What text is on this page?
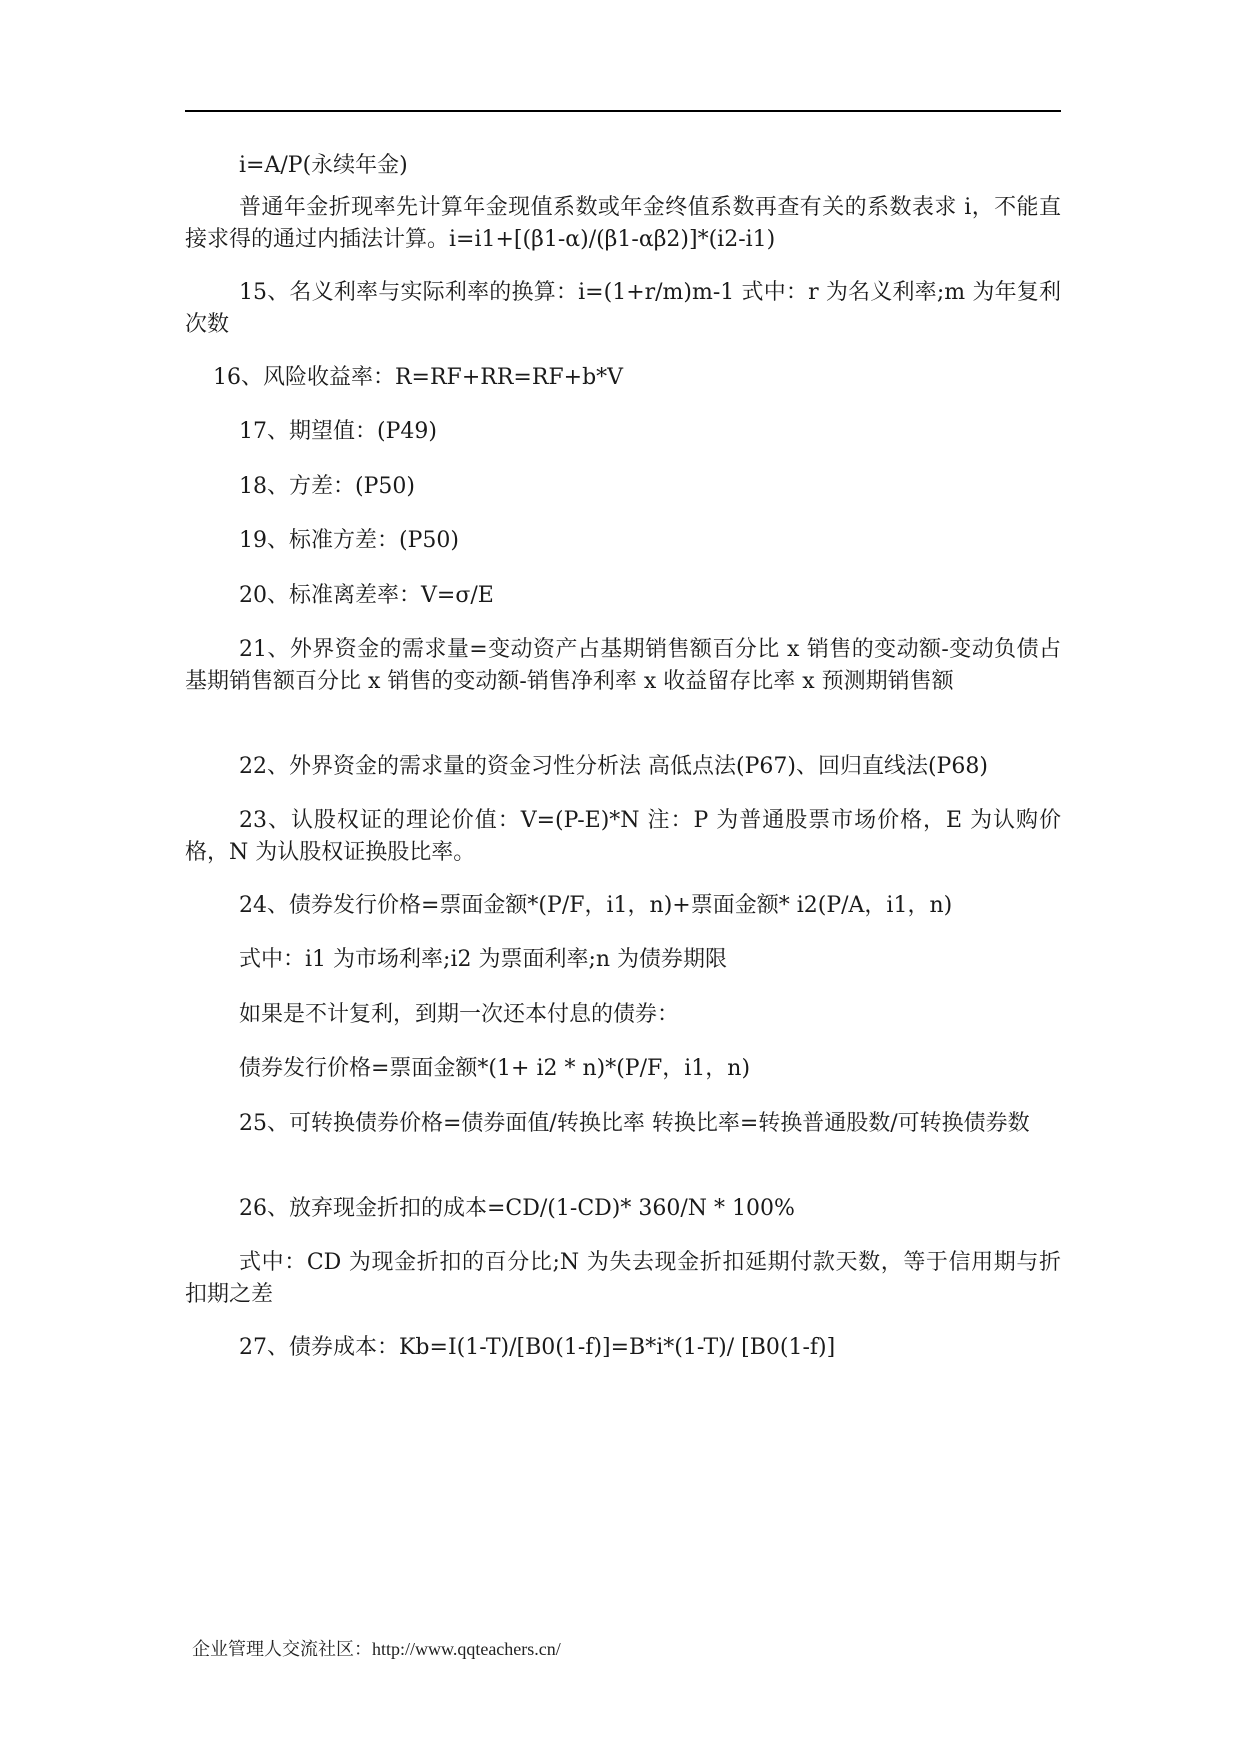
i=A/P(永续年金)

普通年金折现率先计算年金现值系数或年金终值系数再查有关的系数表求 i，不能直接求得的通过内插法计算。i=i1+[(β1-α)/(β1-αβ2)]*(i2-i1)

15、名义利率与实际利率的换算：i=(1+r/m)m-1 式中：r 为名义利率;m 为年复利次数

16、风险收益率：R=RF+RR=RF+b*V

17、期望值：(P49)

18、方差：(P50)

19、标准方差：(P50)

20、标准离差率：V=σ/E

21、外界资金的需求量=变动资产占基期销售额百分比 x 销售的变动额-变动负债占基期销售额百分比 x 销售的变动额-销售净利率 x 收益留存比率 x 预测期销售额

22、外界资金的需求量的资金习性分析法 高低点法(P67)、回归直线法(P68)

23、认股权证的理论价值：V=(P-E)*N 注：P 为普通股票市场价格，E 为认购价格，N 为认股权证换股比率。

24、债券发行价格=票面金额*(P/F，i1，n)+票面金额* i2(P/A，i1，n)

式中：i1 为市场利率;i2 为票面利率;n 为债券期限

如果是不计复利，到期一次还本付息的债券：

债券发行价格=票面金额*(1+ i2 * n)*(P/F，i1，n)

25、可转换债券价格=债券面值/转换比率 转换比率=转换普通股数/可转换债券数

26、放弃现金折扣的成本=CD/(1-CD)* 360/N * 100%

式中：CD 为现金折扣的百分比;N 为失去现金折扣延期付款天数，等于信用期与折扣期之差

27、债券成本：Kb=I(1-T)/[B0(1-f)]=B*i*(1-T)/ [B0(1-f)]

企业管理人交流社区：http://www.qqteachers.cn/
